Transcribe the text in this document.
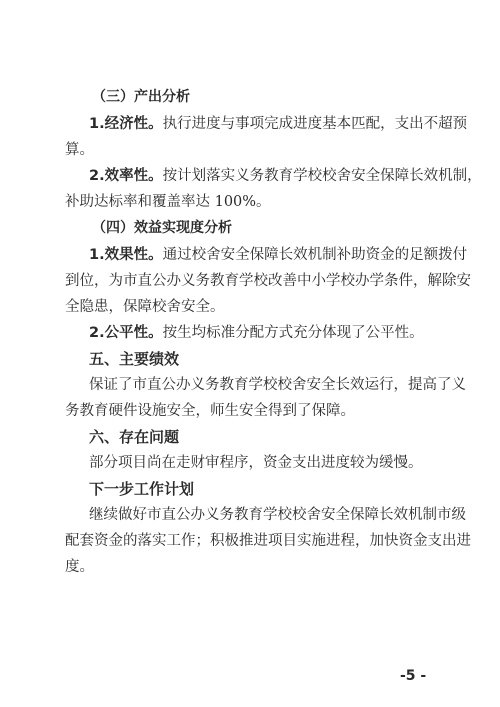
（三）产出分析

1.经济性。执行进度与事项完成进度基本匹配，支出不超预

算。

2.效率性。按计划落实义务教育学校校舍安全保障长效机制，

补助达标率和覆盖率达 100%。

（四）效益实现度分析

1.效果性。通过校舍安全保障长效机制补助资金的足额拨付

到位，为市直公办义务教育学校改善中小学校办学条件，解除安

全隐患，保障校舍安全。

2.公平性。按生均标准分配方式充分体现了公平性。

五、主要绩效

保证了市直公办义务教育学校校舍安全长效运行，提高了义

务教育硬件设施安全，师生安全得到了保障。

六、存在问题

部分项目尚在走财审程序，资金支出进度较为缓慢。

下一步工作计划

继续做好市直公办义务教育学校校舍安全保障长效机制市级

配套资金的落实工作；积极推进项目实施进程，加快资金支出进

度。

-5 -
